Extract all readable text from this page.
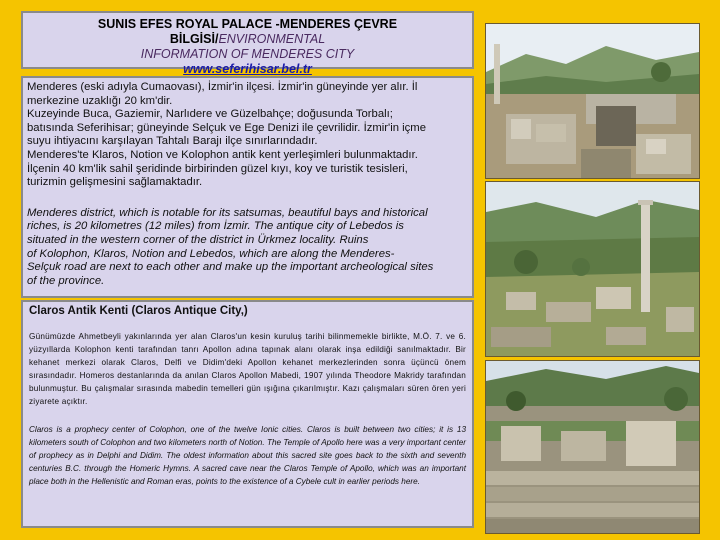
SUNIS EFES ROYAL PALACE -MENDERES ÇEVRE BİLGİSİ/ENVIRONMENTAL
INFORMATION OF MENDERES CITY
www.seferihisar.bel.tr

Menderes (eski adıyla Cumaovası), İzmir'in ilçesi. İzmir'in güneyinde yer alır. İl
merkezine uzaklığı 20 km'dir.
Kuzeyinde Buca, Gaziemir, Narlıdere ve Güzelbahçe; doğusunda Torbalı;
batısında Seferihisar; güneyinde Selçuk ve Ege Denizi ile çevrilidir. İzmir'in içme
suyu ihtiyacını karşılayan Tahtalı Barajı ilçe sınırlarındadır.
Menderes'te Klaros, Notion ve Kolophon antik kent yerleşimleri bulunmaktadır.
İlçenin 40 km'lik sahil şeridinde birbirinden güzel kıyı, koy ve turistik tesisleri,
turizmin gelişmesini sağlamaktadır.

Menderes district, which is notable for its satsumas, beautiful bays and historical
riches, is 20 kilometres (12 miles) from İzmir. The antique city of Lebedos is
situated in the western corner of the district in Ürkmez locality. Ruins
of Kolophon, Klaros, Notion and Lebedos, which are along the Menderes-
Selçuk road are next to each other and make up the important archeological sites
of the province.

Claros Antik Kenti (Claros Antique City,)

Günümüzde Ahmetbeyli yakınlarında yer alan Claros'un kesin kuruluş tarihi bilinmemekle birlikte, M.Ö. 7. ve 6. yüzyıllarda Kolophon kenti tarafından tanrı Apollon adına tapınak alanı olarak inşa edildiği sanılmaktadır. Bir kehanet merkezi olarak Claros, Delfi ve Didim'deki Apollon kehanet merkezlerinden sonra üçüncü önem sırasındadır. Homeros destanlarında da anılan Claros Apollon Mabedi, 1907 yılında Theodore Makridy tarafından bulunmuştur. Bu çalışmalar sırasında mabedin temelleri gün ışığına çıkarılmıştır. Kazı çalışmaları süren ören yeri ziyarete açıktır.

Claros is a prophecy center of Colophon, one of the twelve Ionic cities. Claros is built between two cities; it is 13 kilometers south of Colophon and two kilometers north of Notion. The Temple of Apollo here was a very important center of prophecy as in Delphi and Didim. The oldest information about this sacred site goes back to the sixth and seventh centuries B.C. through the Homeric Hymns. A sacred cave near the Claros Temple of Apollo, which was an important place both in the Hellenistic and Roman eras, points to the existence of a Cybele cult in earlier periods here.
